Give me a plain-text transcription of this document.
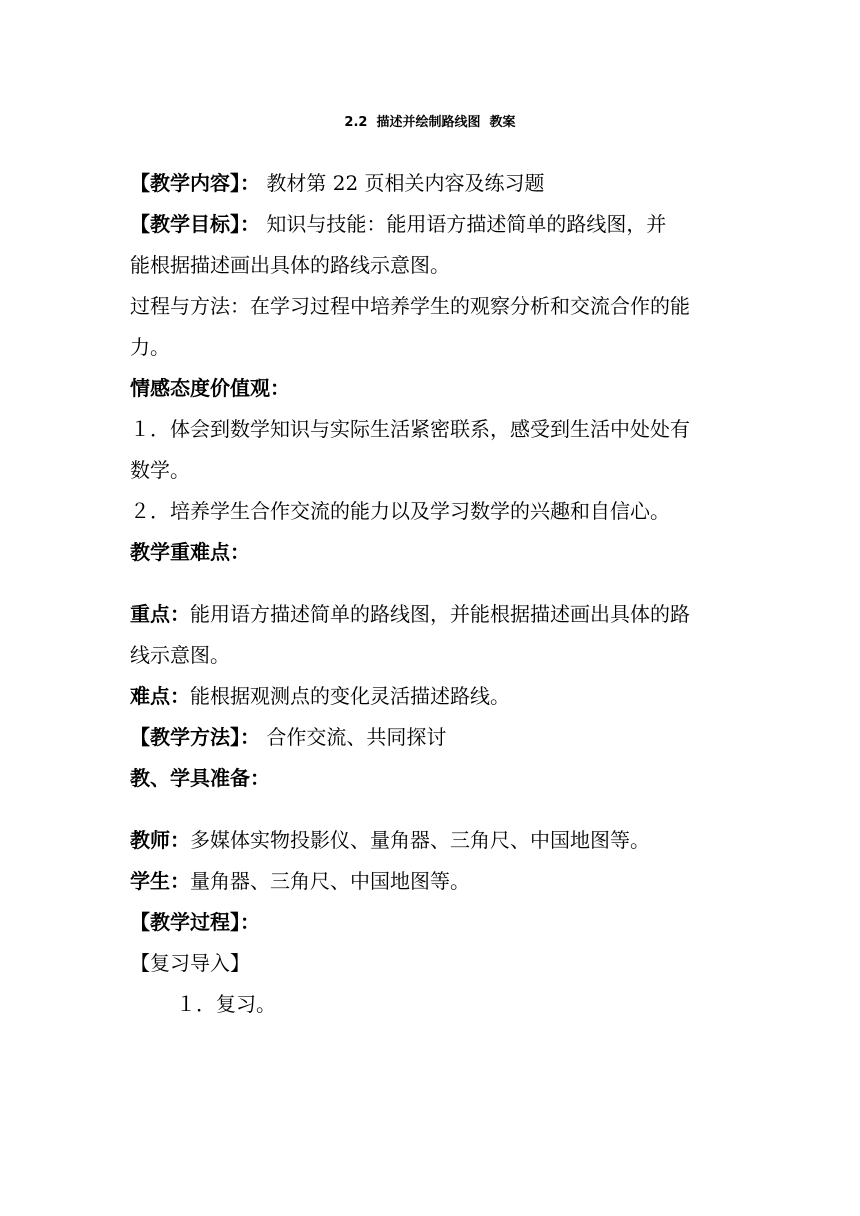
2.2  描述并绘制路线图  教案

【教学内容】： 教材第 22 页相关内容及练习题

【教学目标】： 知识与技能：能用语方描述简单的路线图，并

能根据描述画出具体的路线示意图。

过程与方法：在学习过程中培养学生的观察分析和交流合作的能

力。

情感态度价值观：

１．体会到数学知识与实际生活紧密联系，感受到生活中处处有

数学。

２．培养学生合作交流的能力以及学习数学的兴趣和自信心。

教学重难点：

重点：能用语方描述简单的路线图，并能根据描述画出具体的路

线示意图。

难点：能根据观测点的变化灵活描述路线。

【教学方法】： 合作交流、共同探讨

教、学具准备：

教师：多媒体实物投影仪、量角器、三角尺、中国地图等。

学生：量角器、三角尺、中国地图等。

【教学过程】：

【复习导入】

１．复习。
